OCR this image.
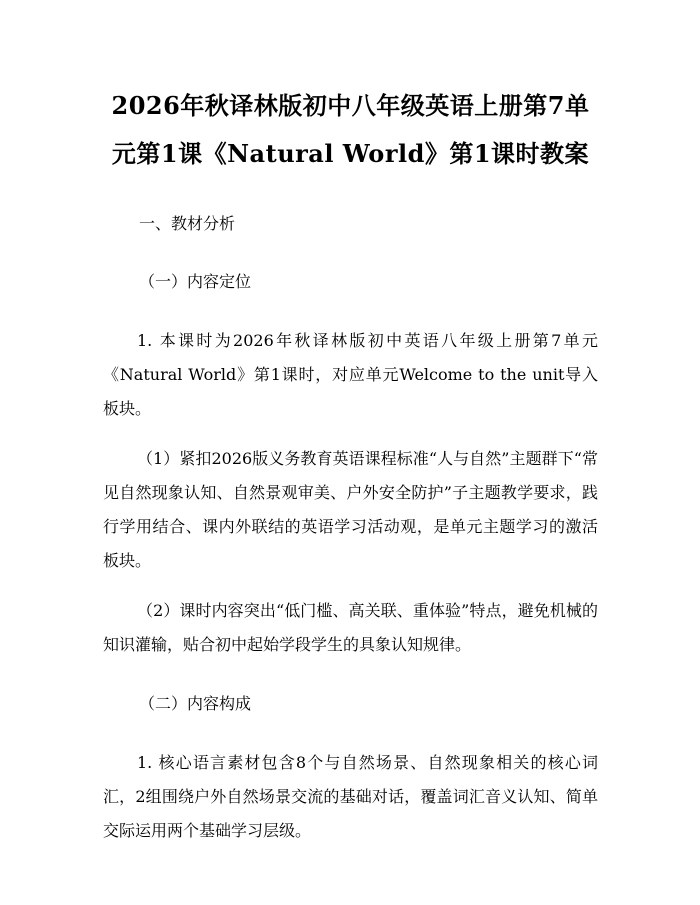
2026年秋译林版初中八年级英语上册第7单元第1课《Natural World》第1课时教案

一、教材分析

（一）内容定位

1. 本课时为2026年秋译林版初中英语八年级上册第7单元《Natural World》第1课时，对应单元Welcome to the unit导入板块。

（1）紧扣2026版义务教育英语课程标准“人与自然”主题群下“常见自然现象认知、自然景观审美、户外安全防护”子主题教学要求，践行学用结合、课内外联结的英语学习活动观，是单元主题学习的激活板块。

（2）课时内容突出“低门槛、高关联、重体验”特点，避免机械的知识灌输，贴合初中起始学段学生的具象认知规律。

（二）内容构成

1. 核心语言素材包含8个与自然场景、自然现象相关的核心词汇，2组围绕户外自然场景交流的基础对话，覆盖词汇音义认知、简单交际运用两个基础学习层级。
